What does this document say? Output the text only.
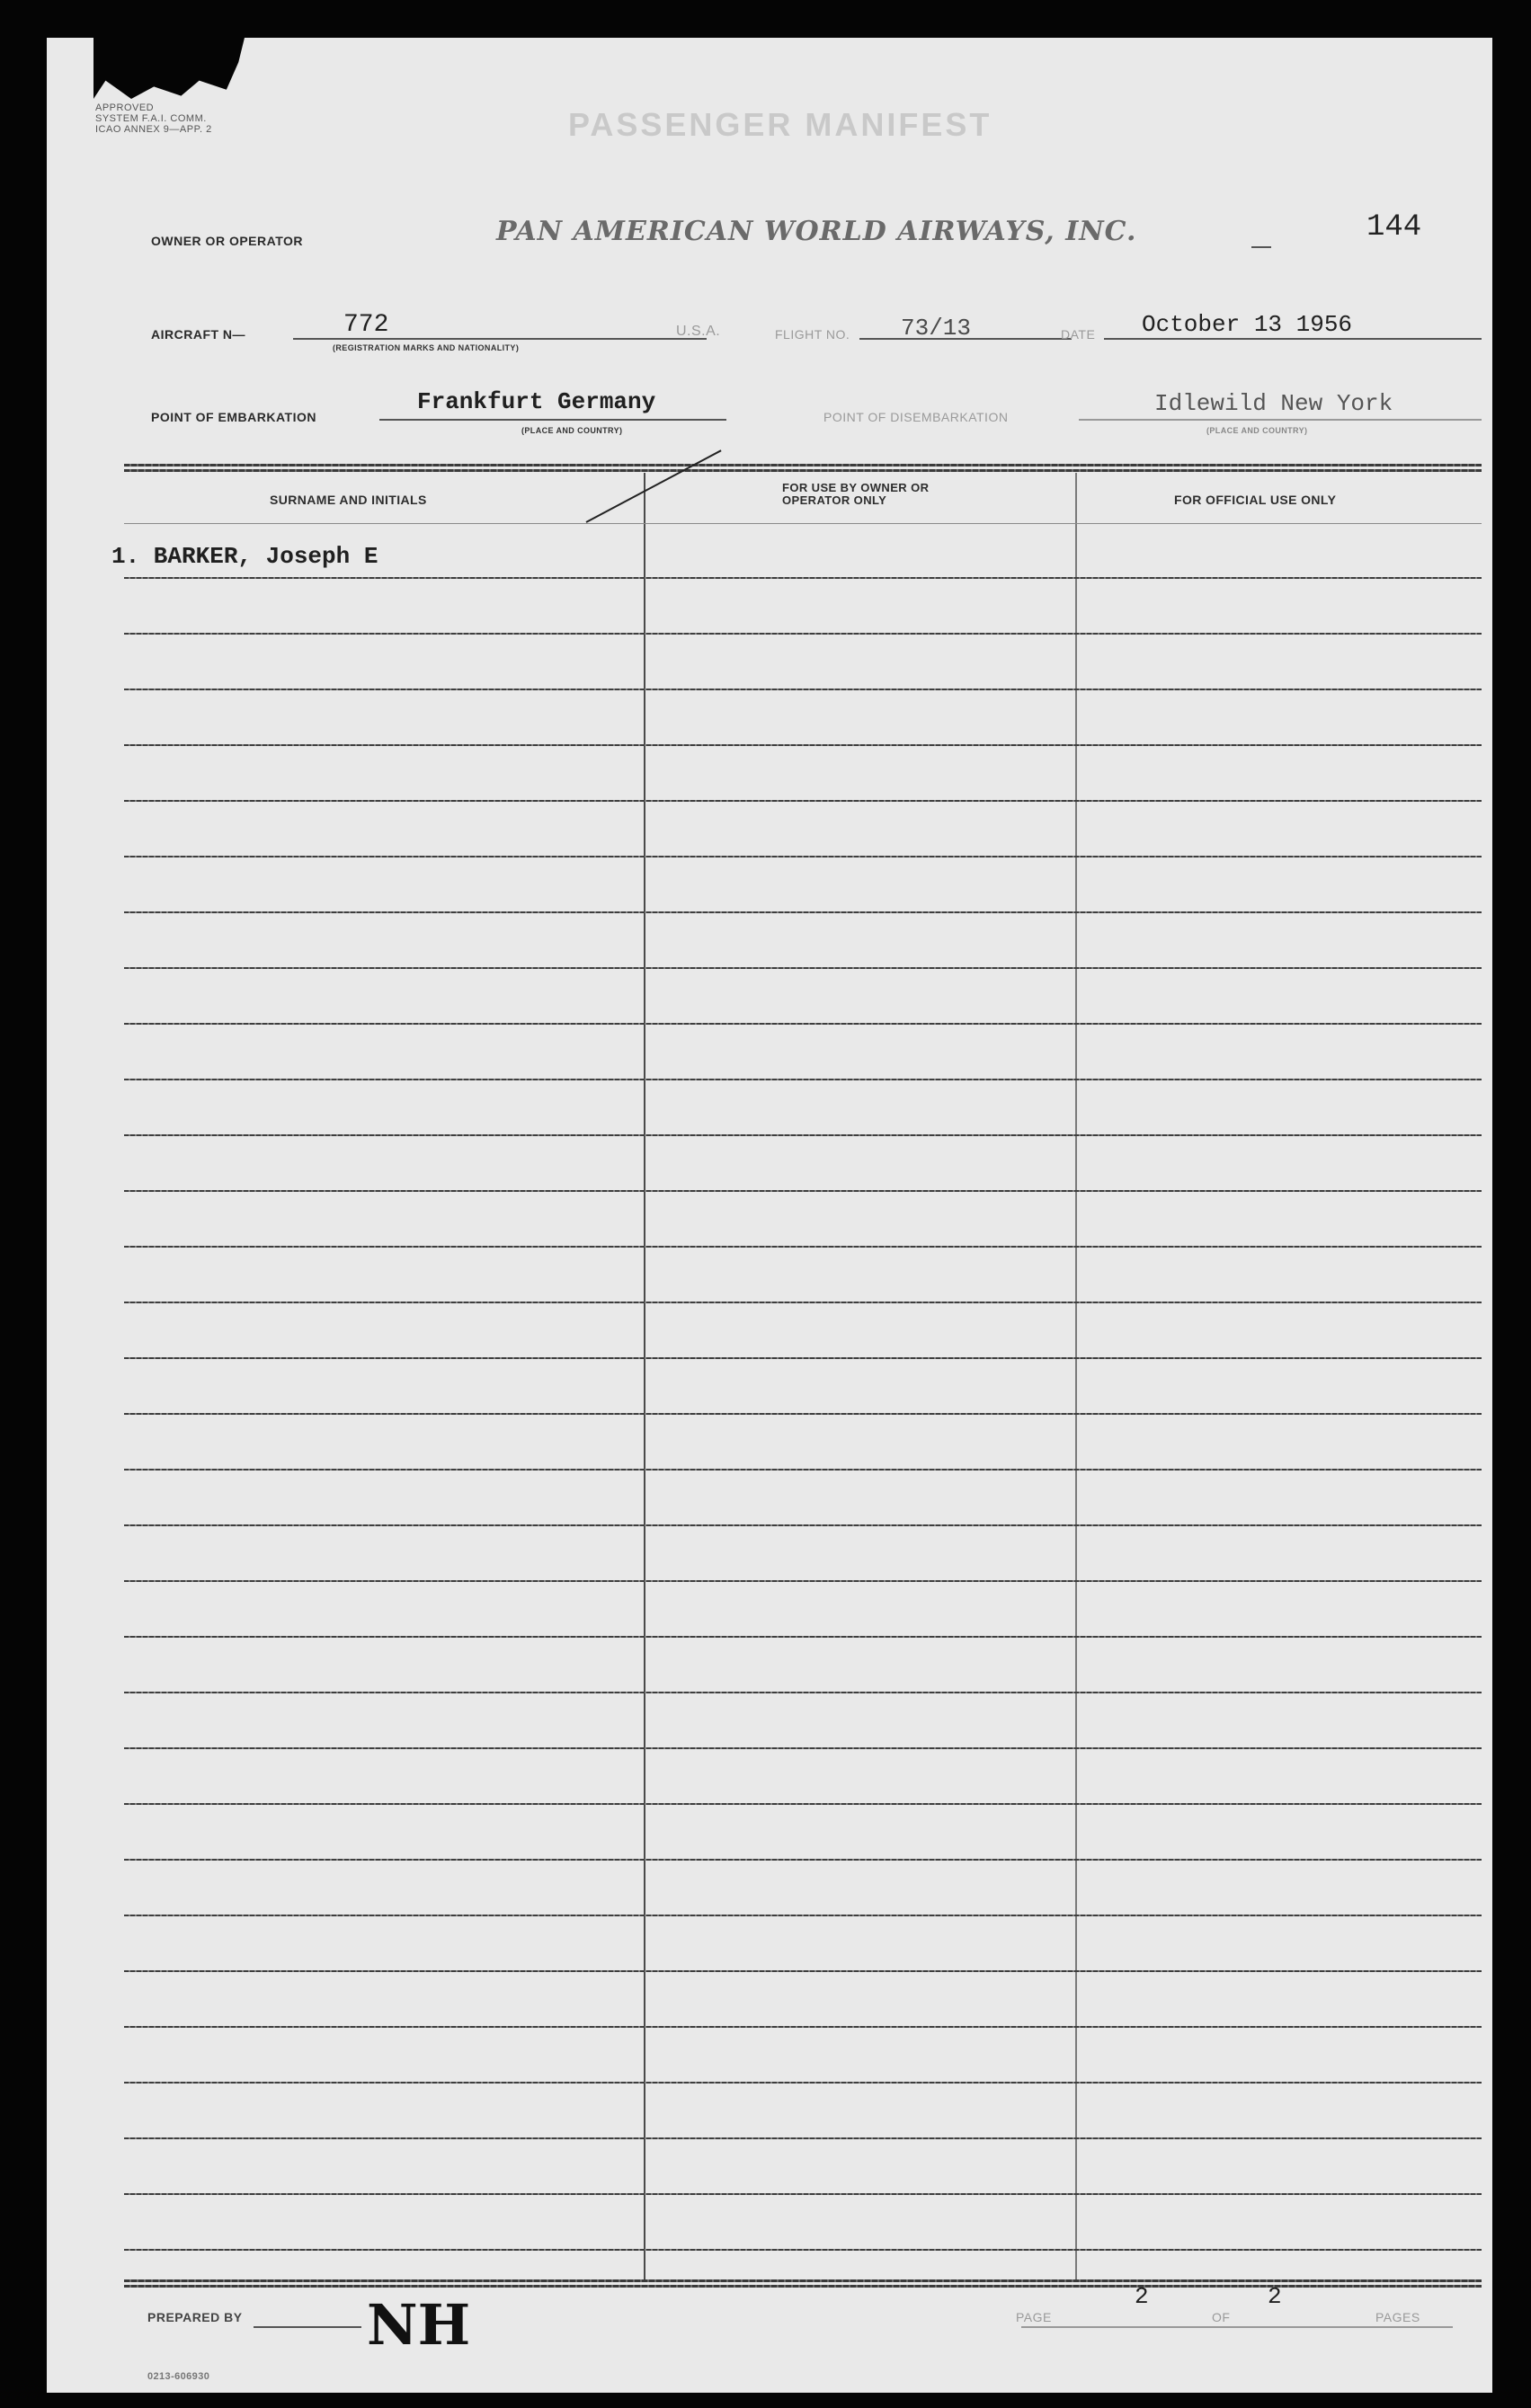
APPROVED
SYSTEM F.A.I. COMM.
ICAO ANNEX 9—APP. 2	PASSENGER MANIFEST
144
OWNER OR OPERATOR	PAN AMERICAN WORLD AIRWAYS, INC.
AIRCRAFT N—	772
(REGISTRATION MARKS AND NATIONALITY)
U.S.A.	FLIGHT NO. 73/13	DATE October 13 1956
POINT OF EMBARKATION
Frankfurt Germany
(PLACE AND COUNTRY)
POINT OF DISEMBARKATION	Idlewild New York
(PLACE AND COUNTRY)
SURNAME AND INITIALS
FOR USE BY OWNER OR OPERATOR ONLY	FOR OFFICIAL USE ONLY
1. BARKER, Joseph E
PREPARED BY NH	PAGE
2
OF
2
PAGES
0213-606930
